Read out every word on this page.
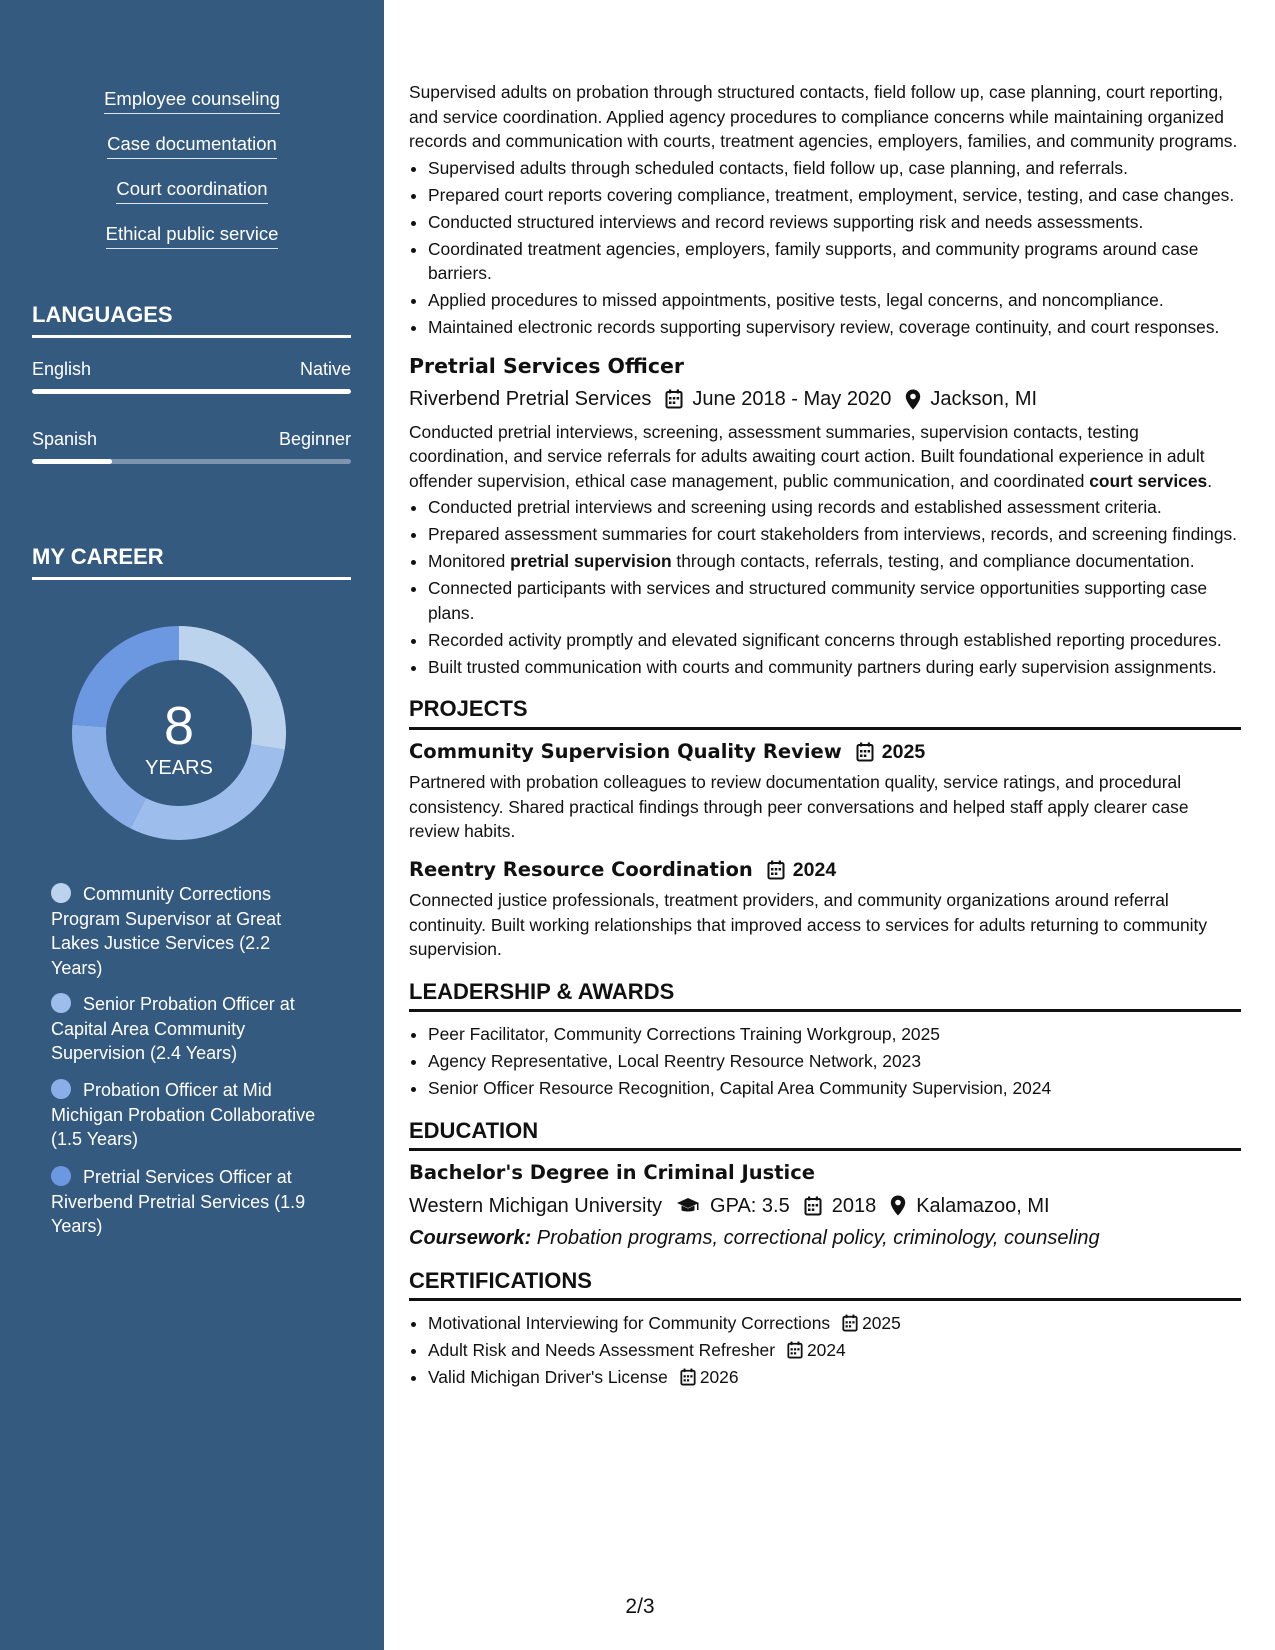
Employee counseling
Case documentation
Court coordination
Ethical public service
LANGUAGES
English	Native
Spanish	Beginner
MY CAREER
8
YEARS
Community Corrections Program Supervisor at Great Lakes Justice Services (2.2 Years)
Senior Probation Officer at Capital Area Community Supervision (2.4 Years)
Probation Officer at Mid Michigan Probation Collaborative (1.5 Years)
Pretrial Services Officer at Riverbend Pretrial Services (1.9 Years)

Supervised adults on probation through structured contacts, field follow up, case planning, court reporting, and service coordination. Applied agency procedures to compliance concerns while maintaining organized records and communication with courts, treatment agencies, employers, families, and community programs.

• Supervised adults through scheduled contacts, field follow up, case planning, and referrals.
• Prepared court reports covering compliance, treatment, employment, service, testing, and case changes.
• Conducted structured interviews and record reviews supporting risk and needs assessments.
• Coordinated treatment agencies, employers, family supports, and community programs around case barriers.
• Applied procedures to missed appointments, positive tests, legal concerns, and noncompliance.
• Maintained electronic records supporting supervisory review, coverage continuity, and court responses.
Pretrial Services Officer
Riverbend Pretrial Services June 2018 - May 2020 Jackson, MI

Conducted pretrial interviews, screening, assessment summaries, supervision contacts, testing coordination, and service referrals for adults awaiting court action. Built foundational experience in adult offender supervision, ethical case management, public communication, and coordinated court services.

• Conducted pretrial interviews and screening using records and established assessment criteria.
• Prepared assessment summaries for court stakeholders from interviews, records, and screening findings.
• Monitored pretrial supervision through contacts, referrals, testing, and compliance documentation.
• Connected participants with services and structured community service opportunities supporting case plans.
• Recorded activity promptly and elevated significant concerns through established reporting procedures.
• Built trusted communication with courts and community partners during early supervision assignments.
PROJECTS
Community Supervision Quality Review 2025

Partnered with probation colleagues to review documentation quality, service ratings, and procedural consistency. Shared practical findings through peer conversations and helped staff apply clearer case review habits.

Reentry Resource Coordination 2024

Connected justice professionals, treatment providers, and community organizations around referral continuity. Built working relationships that improved access to services for adults returning to community supervision.

LEADERSHIP & AWARDS
• Peer Facilitator, Community Corrections Training Workgroup, 2025
• Agency Representative, Local Reentry Resource Network, 2023
• Senior Officer Resource Recognition, Capital Area Community Supervision, 2024
EDUCATION
Bachelor's Degree in Criminal Justice
Western Michigan University GPA: 3.5 2018 Kalamazoo, MI
Coursework: Probation programs, correctional policy, criminology, counseling
CERTIFICATIONS
• Motivational Interviewing for Community Corrections 2025
• Adult Risk and Needs Assessment Refresher 2024
• Valid Michigan Driver's License 2026
2/3
